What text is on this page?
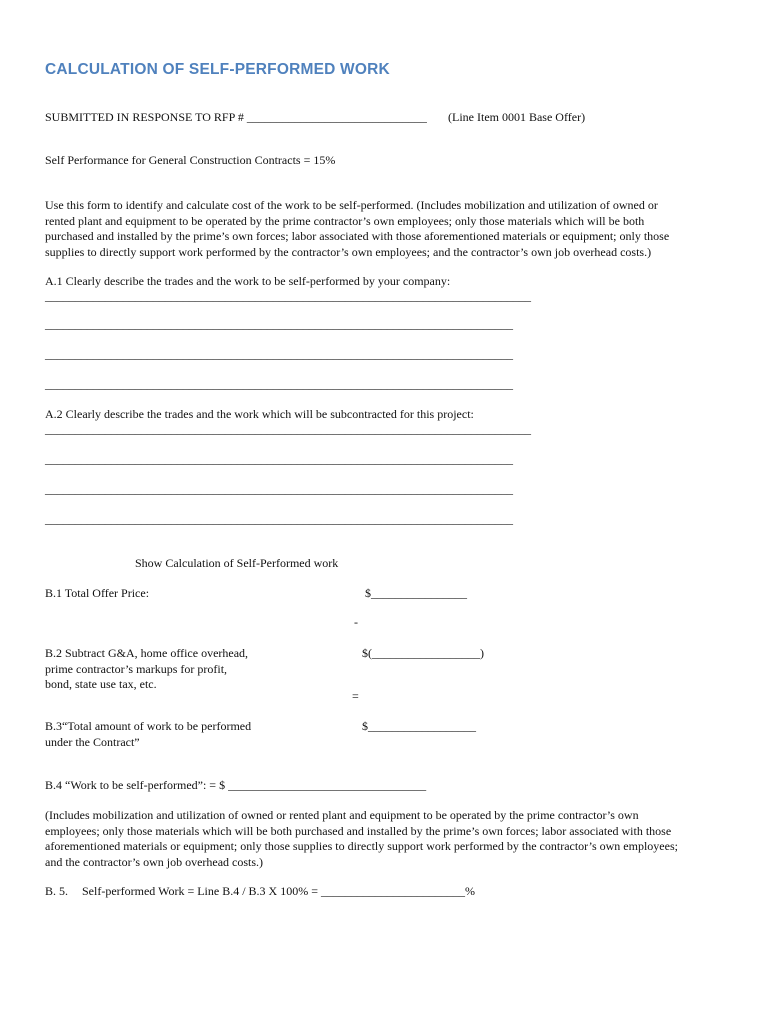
CALCULATION OF SELF-PERFORMED WORK
SUBMITTED IN RESPONSE TO RFP # ______________________________ (Line Item 0001 Base Offer)
Self Performance for General Construction Contracts = 15%
Use this form to identify and calculate cost of the work to be self-performed. (Includes mobilization and utilization of owned or
rented plant and equipment to be operated by the prime contractor’s own employees; only those materials which will be both
purchased and installed by the prime’s own forces; labor associated with those aforementioned materials or equipment; only those
supplies to directly support work performed by the contractor’s own employees; and the contractor’s own job overhead costs.)
A.1 Clearly describe the trades and the work to be self-performed by your company:
_________________________________________________________________________________
______________________________________________________________________________
______________________________________________________________________________
______________________________________________________________________________
A.2 Clearly describe the trades and the work which will be subcontracted for this project:
_________________________________________________________________________________
______________________________________________________________________________
______________________________________________________________________________
______________________________________________________________________________
Show Calculation of Self-Performed work
B.1 Total Offer Price:	$________________
-
B.2 Subtract G&A, home office overhead,
prime contractor’s markups for profit,
bond, state use tax, etc.
$(__________________)
=
B.3“Total amount of work to be performed
under the Contract”
$__________________
B.4 “Work to be self-performed”: = $ _________________________________
(Includes mobilization and utilization of owned or rented plant and equipment to be operated by the prime contractor’s own
employees; only those materials which will be both purchased and installed by the prime’s own forces; labor associated with those
aforementioned materials or equipment; only those supplies to directly support work performed by the contractor’s own employees;
and the contractor’s own job overhead costs.)
B. 5. Self-performed Work = Line B.4 / B.3 X 100% = ________________________%
